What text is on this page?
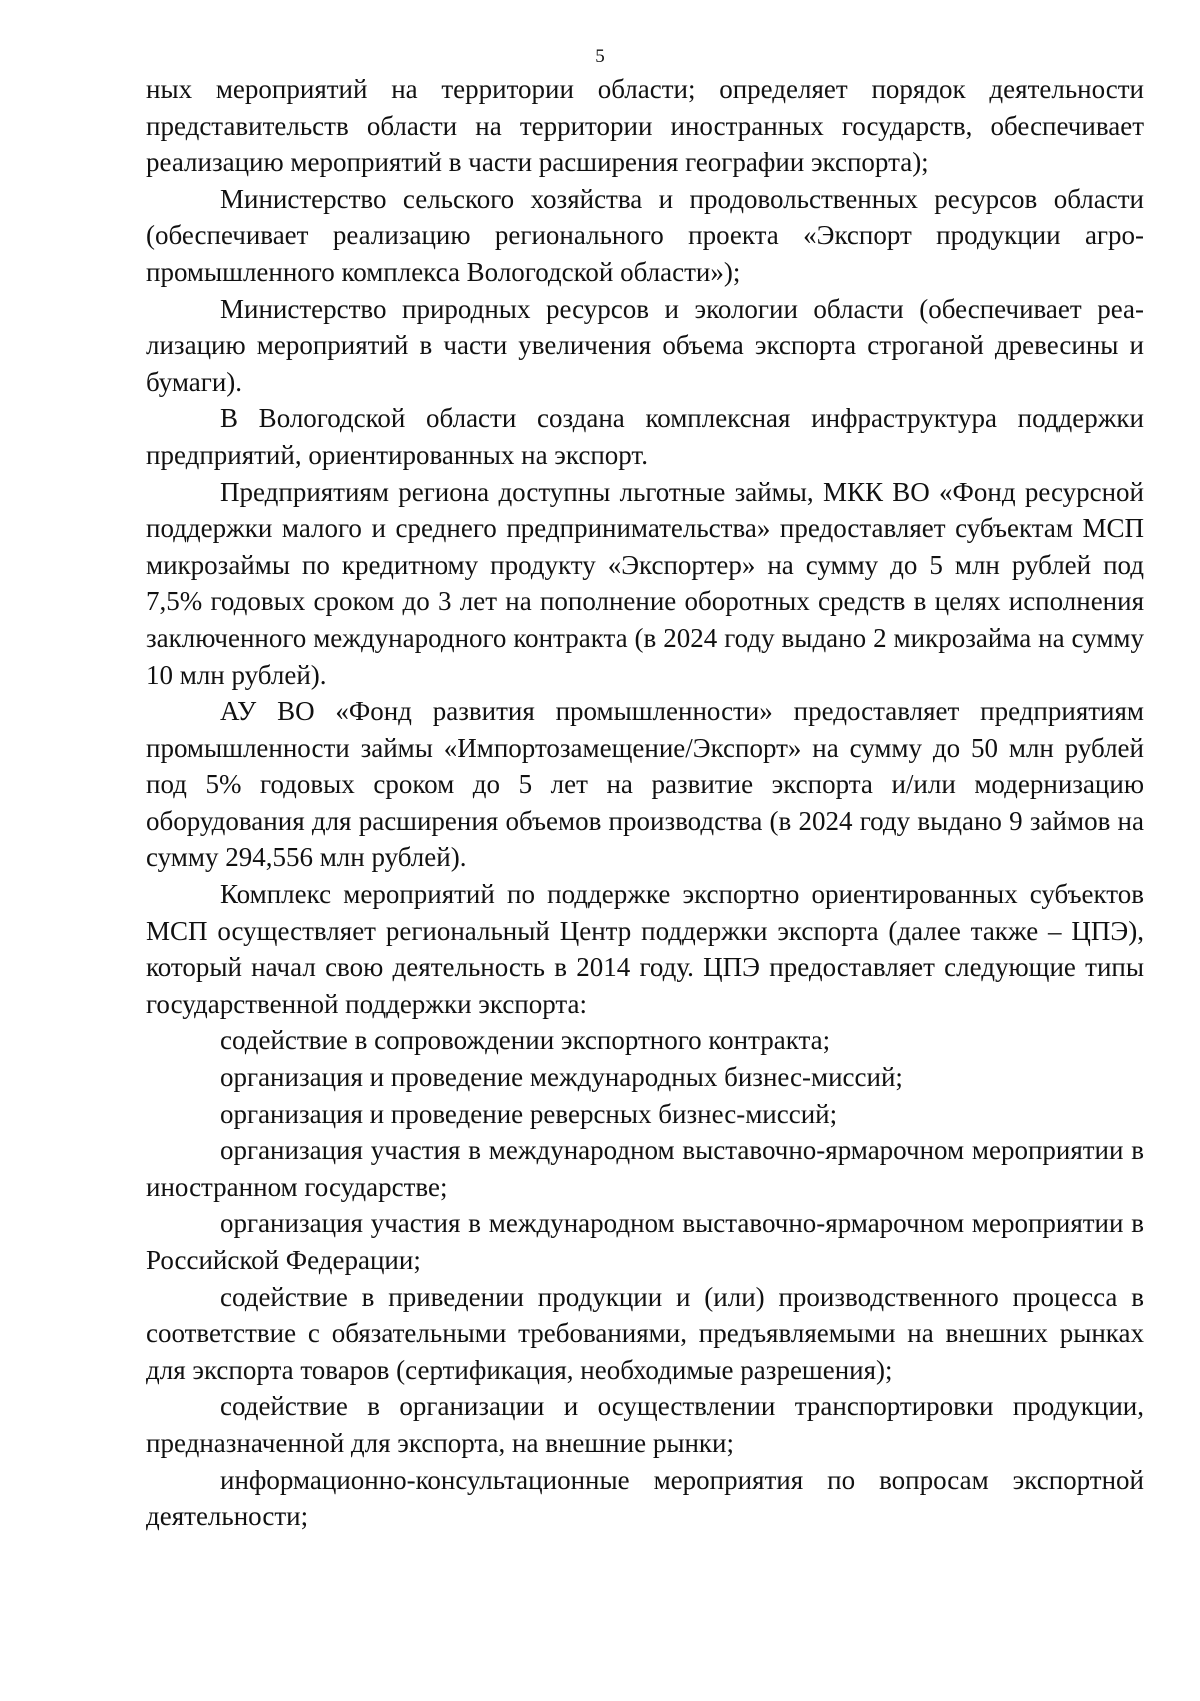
5

ных мероприятий на территории области; определяет порядок деятельности представительств области на территории иностранных государств, обеспечивает реализацию мероприятий в части расширения географии экспорта);

Министерство сельского хозяйства и продовольственных ресурсов области (обеспечивает реализацию регионального проекта «Экспорт продукции агропромышленного комплекса Вологодской области»);

Министерство природных ресурсов и экологии области (обеспечивает реализацию мероприятий в части увеличения объема экспорта строганой древесины и бумаги).

В Вологодской области создана комплексная инфраструктура поддержки предприятий, ориентированных на экспорт.

Предприятиям региона доступны льготные займы, МКК ВО «Фонд ресурсной поддержки малого и среднего предпринимательства» предоставляет субъектам МСП микрозаймы по кредитному продукту «Экспортер» на сумму до 5 млн рублей под 7,5% годовых сроком до 3 лет на пополнение оборотных средств в целях исполнения заключенного международного контракта (в 2024 году выдано 2 микрозайма на сумму 10 млн рублей).

АУ ВО «Фонд развития промышленности» предоставляет предприятиям промышленности займы «Импортозамещение/Экспорт» на сумму до 50 млн рублей под 5% годовых сроком до 5 лет на развитие экспорта и/или модернизацию оборудования для расширения объемов производства (в 2024 году выдано 9 займов на сумму 294,556 млн рублей).

Комплекс мероприятий по поддержке экспортно ориентированных субъектов МСП осуществляет региональный Центр поддержки экспорта (далее также – ЦПЭ), который начал свою деятельность в 2014 году. ЦПЭ предоставляет следующие типы государственной поддержки экспорта:

содействие в сопровождении экспортного контракта;

организация и проведение международных бизнес-миссий;

организация и проведение реверсных бизнес-миссий;

организация участия в международном выставочно-ярмарочном мероприятии в иностранном государстве;

организация участия в международном выставочно-ярмарочном мероприятии в Российской Федерации;

содействие в приведении продукции и (или) производственного процесса в соответствие с обязательными требованиями, предъявляемыми на внешних рынках для экспорта товаров (сертификация, необходимые разрешения);

содействие в организации и осуществлении транспортировки продукции, предназначенной для экспорта, на внешние рынки;

информационно-консультационные мероприятия по вопросам экспортной деятельности;
